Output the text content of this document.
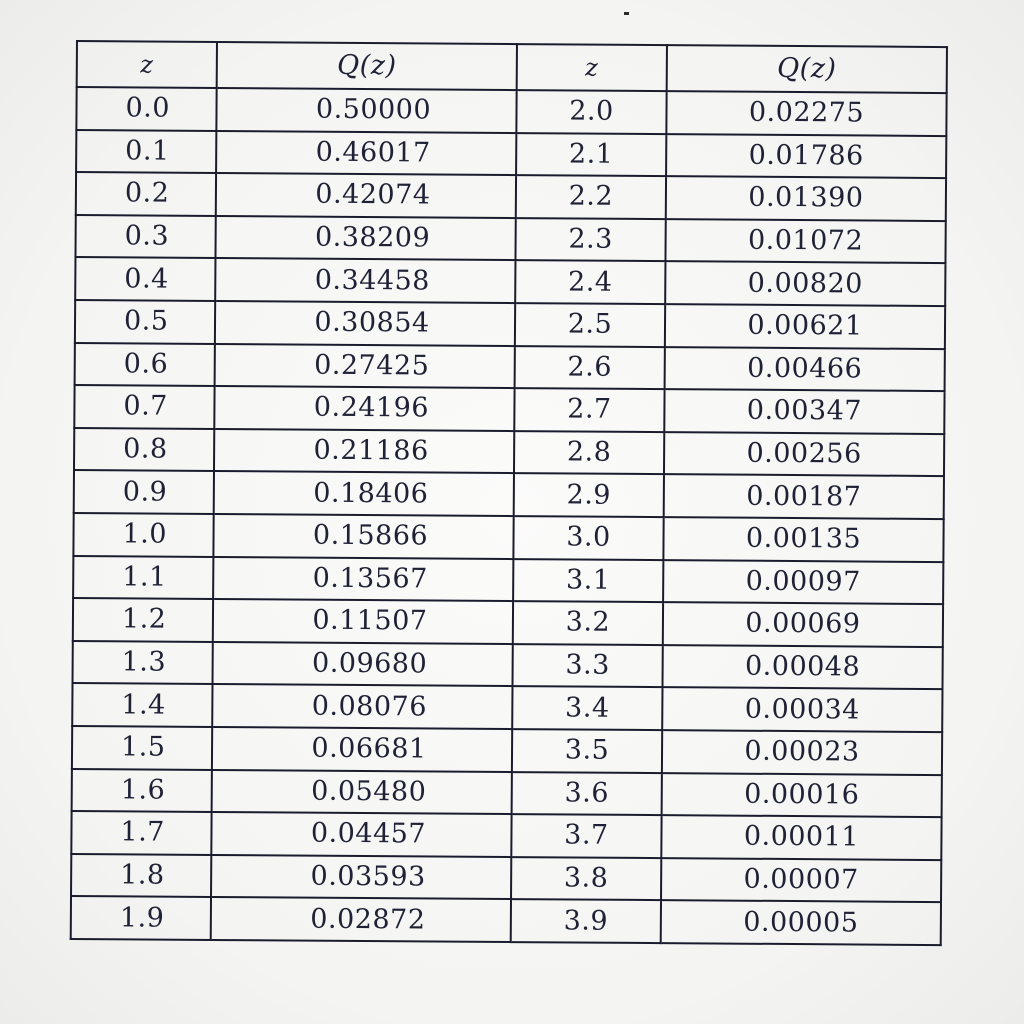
z	Q(z)	z	Q(z)
0.0	0.50000	2.0	0.02275
0.1	0.46017	2.1	0.01786
0.2	0.42074	2.2	0.01390
0.3	0.38209	2.3	0.01072
0.4	0.34458	2.4	0.00820
0.5	0.30854	2.5	0.00621
0.6	0.27425	2.6	0.00466
0.7	0.24196	2.7	0.00347
0.8	0.21186	2.8	0.00256
0.9	0.18406	2.9	0.00187
1.0	0.15866	3.0	0.00135
1.1	0.13567	3.1	0.00097
1.2	0.11507	3.2	0.00069
1.3	0.09680	3.3	0.00048
1.4	0.08076	3.4	0.00034
1.5	0.06681	3.5	0.00023
1.6	0.05480	3.6	0.00016
1.7	0.04457	3.7	0.00011
1.8	0.03593	3.8	0.00007
1.9	0.02872	3.9	0.00005
